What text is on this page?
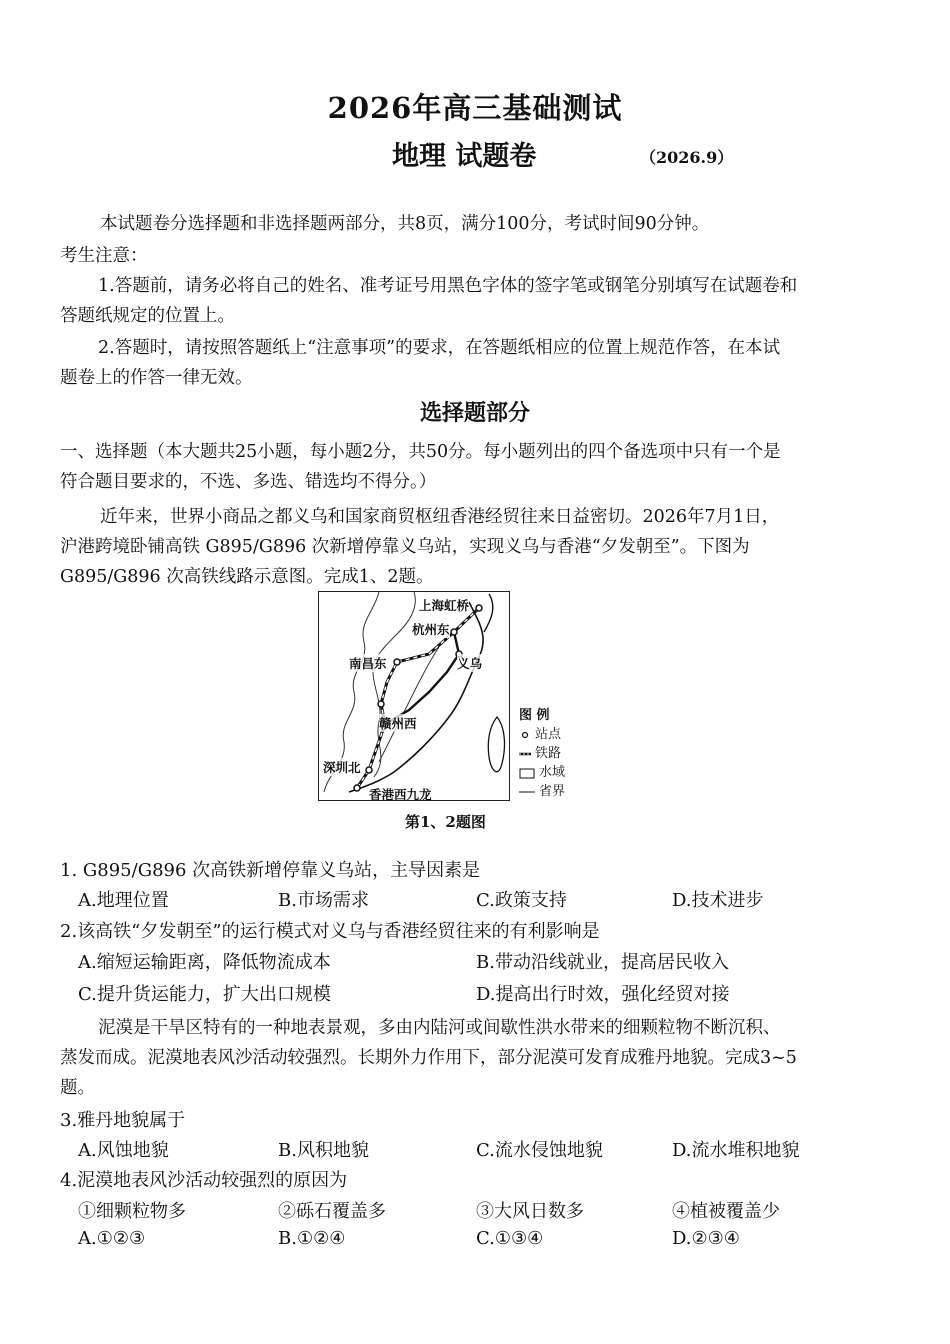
2026年高三基础测试
地理 试题卷	（2026.9）
本试题卷分选择题和非选择题两部分，共8页，满分100分，考试时间90分钟。
考生注意：
1.答题前，请务必将自己的姓名、准考证号用黑色字体的签字笔或钢笔分别填写在试题卷和
答题纸规定的位置上。
2.答题时，请按照答题纸上“注意事项”的要求，在答题纸相应的位置上规范作答，在本试
题卷上的作答一律无效。
选择题部分
一、选择题（本大题共25小题，每小题2分，共50分。每小题列出的四个备选项中只有一个是
符合题目要求的，不选、多选、错选均不得分。）
近年来，世界小商品之都义乌和国家商贸枢纽香港经贸往来日益密切。2026年7月1日，
沪港跨境卧铺高铁 G895/G896 次新增停靠义乌站，实现义乌与香港“夕发朝至”。下图为
G895/G896 次高铁线路示意图。完成1、2题。
上海虹桥
杭州东
南昌东	义乌
赣州西
深圳北
香港西九龙
图 例
站点
铁路
水域
省界
第1、2题图
1. G895/G896 次高铁新增停靠义乌站，主导因素是
A.地理位置	B.市场需求	C.政策支持	D.技术进步
2.该高铁“夕发朝至”的运行模式对义乌与香港经贸往来的有利影响是
A.缩短运输距离，降低物流成本	B.带动沿线就业，提高居民收入
C.提升货运能力，扩大出口规模	D.提高出行时效，强化经贸对接
泥漠是干旱区特有的一种地表景观，多由内陆河或间歇性洪水带来的细颗粒物不断沉积、
蒸发而成。泥漠地表风沙活动较强烈。长期外力作用下，部分泥漠可发育成雅丹地貌。完成3~5
题。
3.雅丹地貌属于
A.风蚀地貌	B.风积地貌	C.流水侵蚀地貌	D.流水堆积地貌
4.泥漠地表风沙活动较强烈的原因为
①细颗粒物多	②砾石覆盖多	③大风日数多	④植被覆盖少
A.①②③	B.①②④	C.①③④	D.②③④
